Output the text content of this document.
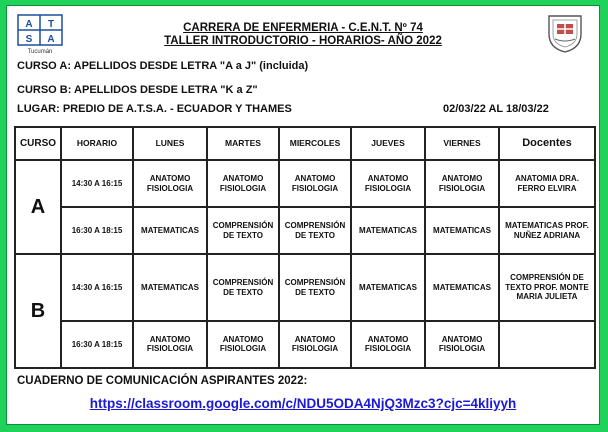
A T
S A
Tucumán
CARRERA DE ENFERMERIA - C.E.N.T. Nº 74
TALLER INTRODUCTORIO - HORARIOS- AÑO 2022
CURSO A: APELLIDOS DESDE LETRA "A a J" (incluida)
CURSO B: APELLIDOS DESDE LETRA "K a Z"
LUGAR: PREDIO DE A.T.S.A. - ECUADOR Y THAMES	02/03/22 AL 18/03/22
CURSO	HORARIO	LUNES	MARTES	MIERCOLES	JUEVES	VIERNES	Docentes
A	14:30 A 16:15	ANATOMO FISIOLOGIA	ANATOMO FISIOLOGIA	ANATOMO FISIOLOGIA	ANATOMO FISIOLOGIA	ANATOMO FISIOLOGIA	ANATOMIA DRA. FERRO ELVIRA
	16:30 A 18:15	MATEMATICAS	COMPRENSIÓN DE TEXTO	COMPRENSIÓN DE TEXTO	MATEMATICAS	MATEMATICAS	MATEMATICAS PROF. NUÑEZ ADRIANA
B	14:30 A 16:15	MATEMATICAS	COMPRENSIÓN DE TEXTO	COMPRENSIÓN DE TEXTO	MATEMATICAS	MATEMATICAS	COMPRENSIÓN DE TEXTO PROF. MONTE MARIA JULIETA
	16:30 A 18:15	ANATOMO FISIOLOGIA	ANATOMO FISIOLOGIA	ANATOMO FISIOLOGIA	ANATOMO FISIOLOGIA	ANATOMO FISIOLOGIA	
CUADERNO DE COMUNICACIÓN ASPIRANTES 2022:
https://classroom.google.com/c/NDU5ODA4NjQ3Mzc3?cjc=4kliyyh
